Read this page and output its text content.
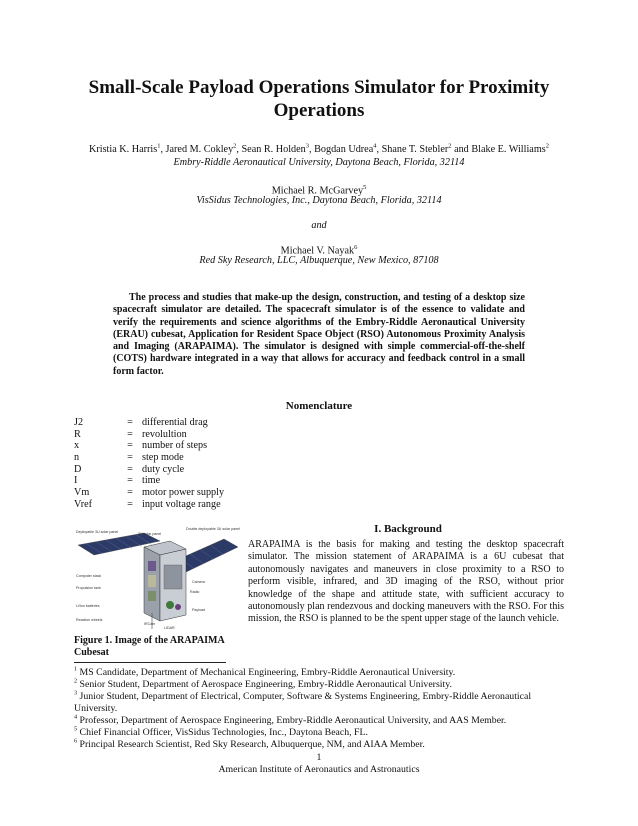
Small-Scale Payload Operations Simulator for Proximity Operations
Kristia K. Harris$^1$, Jared M. Cokley$^2$, Sean R. Holden$^3$, Bogdan Udrea$^4$, Shane T. Stebler$^2$ and Blake E. Williams$^2$
Embry-Riddle Aeronautical University, Daytona Beach, Florida, 32114
Michael R. McGarvey$^5$
VisSidus Technologies, Inc., Daytona Beach, Florida, 32114
and
Michael V. Nayak$^6$
Red Sky Research, LLC, Albuquerque, New Mexico, 87108
The process and studies that make-up the design, construction, and testing of a desktop size spacecraft simulator are detailed. The spacecraft simulator is of the essence to validate and verify the requirements and science algorithms of the Embry-Riddle Aeronautical University (ERAU) cubesat, Application for Resident Space Object (RSO) Autonomous Proximity Analysis and Imaging (ARAPAIMA). The simulator is designed with simple commercial-off-the-shelf (COTS) hardware integrated in a way that allows for accuracy and feedback control in a small form factor.
Nomenclature
J2	= differential drag
R	= revolultion
x	= number of steps
n	= step mode
D	= duty cycle
I	= time
Vm	= motor power supply
Vref	= input voltage range
Deployable 3U solar panel	3U solar panel
Double deployable 3U solar panel
Computer stack
Propulsion tank
Li/Ion batteries
Reaction wheels
Radio
Payload
IRCam
LIDAR
Camera
Figure 1. Image of the ARAPAIMA Cubesat
I. Background
ARAPAIMA is the basis for making and testing the desktop spacecraft simulator. The mission statement of ARAPAIMA is a 6U cubesat that autonomously navigates and maneuvers in close proximity to a RSO to perform visible, infrared, and 3D imaging of the RSO, without prior knowledge of the shape and attitude state, with sufficient accuracy to autonomously plan rendezvous and docking maneuvers with the RSO. For this mission, the RSO is planned to be the spent upper stage of the launch vehicle.

$^1$ MS Candidate, Department of Mechanical Engineering, Embry-Riddle Aeronautical University.

$^2$ Senior Student, Department of Aerospace Engineering, Embry-Riddle Aeronautical University.

$^3$ Junior Student, Department of Electrical, Computer, Software & Systems Engineering, Embry-Riddle Aeronautical University.

$^4$ Professor, Department of Aerospace Engineering, Embry-Riddle Aeronautical University, and AAS Member.

$^5$ Chief Financial Officer, VisSidus Technologies, Inc., Daytona Beach, FL.

$^6$ Principal Research Scientist, Red Sky Research, Albuquerque, NM, and AIAA Member.

1
American Institute of Aeronautics and Astronautics
